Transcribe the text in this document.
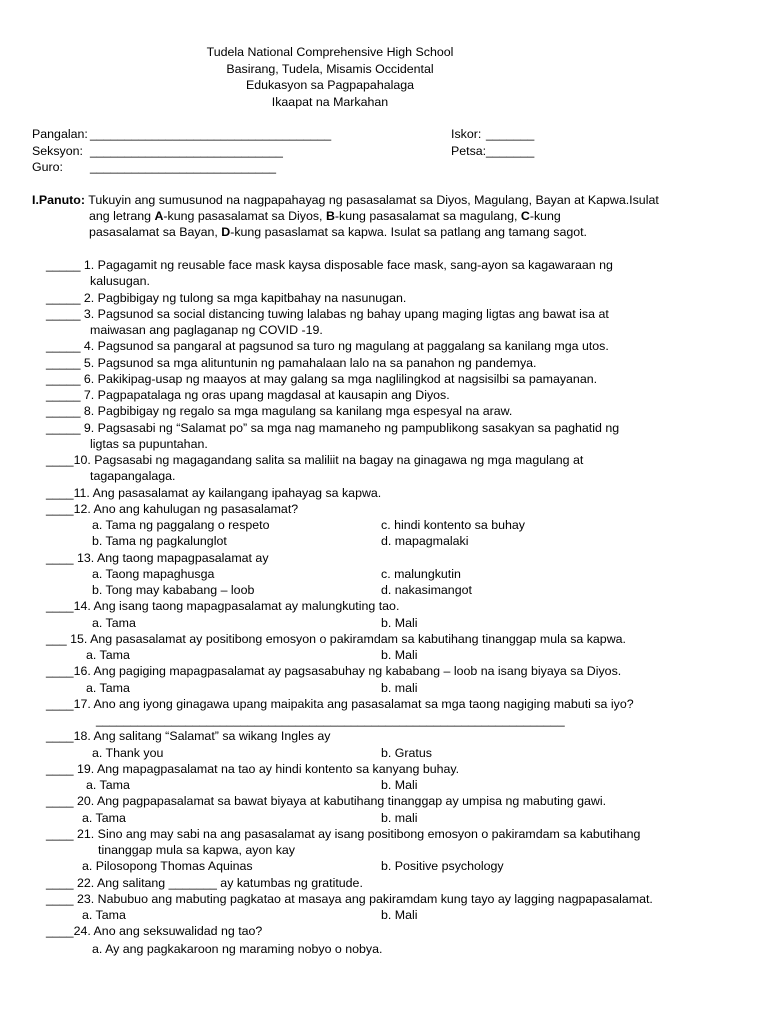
Tudela National Comprehensive High School
Basirang, Tudela, Misamis Occidental
Edukasyon sa Pagpapahalaga
Ikaapat na Markahan
Pangalan: ___________________________________	Iskor: _______
Seksyon: ____________________________	Petsa: _______
Guro: ___________________________
I.Panuto: Tukuyin ang sumusunod na nagpapahayag ng pasasalamat sa Diyos, Magulang, Bayan at Kapwa.Isulat
ang letrang A-kung pasasalamat sa Diyos, B-kung pasasalamat sa magulang, C-kung
pasasalamat sa Bayan, D-kung pasaslamat sa kapwa. Isulat sa patlang ang tamang sagot.
_____ 1. Pagagamit ng reusable face mask kaysa disposable face mask, sang-ayon sa kagawaraan ng
kalusugan.
_____ 2. Pagbibigay ng tulong sa mga kapitbahay na nasunugan.
_____ 3. Pagsunod sa social distancing tuwing lalabas ng bahay upang maging ligtas ang bawat isa at
maiwasan ang paglaganap ng COVID -19.
_____ 4. Pagsunod sa pangaral at pagsunod sa turo ng magulang at paggalang sa kanilang mga utos.
_____ 5. Pagsunod sa mga alituntunin ng pamahalaan lalo na sa panahon ng pandemya.
_____ 6. Pakikipag-usap ng maayos at may galang sa mga naglilingkod at nagsisilbi sa pamayanan.
_____ 7. Pagpapatalaga ng oras upang magdasal at kausapin ang Diyos.
_____ 8. Pagbibigay ng regalo sa mga magulang sa kanilang mga espesyal na araw.
_____ 9. Pagsasabi ng “Salamat po” sa mga nag mamaneho ng pampublikong sasakyan sa paghatid ng
ligtas sa pupuntahan.
____10. Pagsasabi ng magagandang salita sa maliliit na bagay na ginagawa ng mga magulang at
tagapangalaga.
____11. Ang pasasalamat ay kailangang ipahayag sa kapwa.
____12. Ano ang kahulugan ng pasasalamat?
a. Tama ng paggalang o respeto	c. hindi kontento sa buhay
b. Tama ng pagkalunglot	d. mapagmalaki
____ 13. Ang taong mapagpasalamat ay
a. Taong mapaghusga	c. malungkutin
b. Tong may kababang – loob	d. nakasimangot
____14. Ang isang taong mapagpasalamat ay malungkuting tao.
a. Tama	b. Mali
___ 15. Ang pasasalamat ay positibong emosyon o pakiramdam sa kabutihang tinanggap mula sa kapwa.
a. Tama	b. Mali
____16. Ang pagiging mapagpasalamat ay pagsasabuhay ng kababang – loob na isang biyaya sa Diyos.
a. Tama	b. mali
____17. Ano ang iyong ginagawa upang maipakita ang pasasalamat sa mga taong nagiging mabuti sa iyo?
____________________________________________________________________
____18. Ang salitang “Salamat” sa wikang Ingles ay
a. Thank you	b. Gratus
____ 19. Ang mapagpasalamat na tao ay hindi kontento sa kanyang buhay.
a. Tama	b. Mali
____ 20. Ang pagpapasalamat sa bawat biyaya at kabutihang tinanggap ay umpisa ng mabuting gawi.
a. Tama	b. mali
____ 21. Sino ang may sabi na ang pasasalamat ay isang positibong emosyon o pakiramdam sa kabutihang
tinanggap mula sa kapwa, ayon kay
a. Pilosopong Thomas Aquinas	b. Positive psychology
____ 22. Ang salitang _______ ay katumbas ng gratitude.
____ 23. Nabubuo ang mabuting pagkatao at masaya ang pakiramdam kung tayo ay lagging nagpapasalamat.
a. Tama	b. Mali
____24. Ano ang seksuwalidad ng tao?
a. Ay ang pagkakaroon ng maraming nobyo o nobya.
